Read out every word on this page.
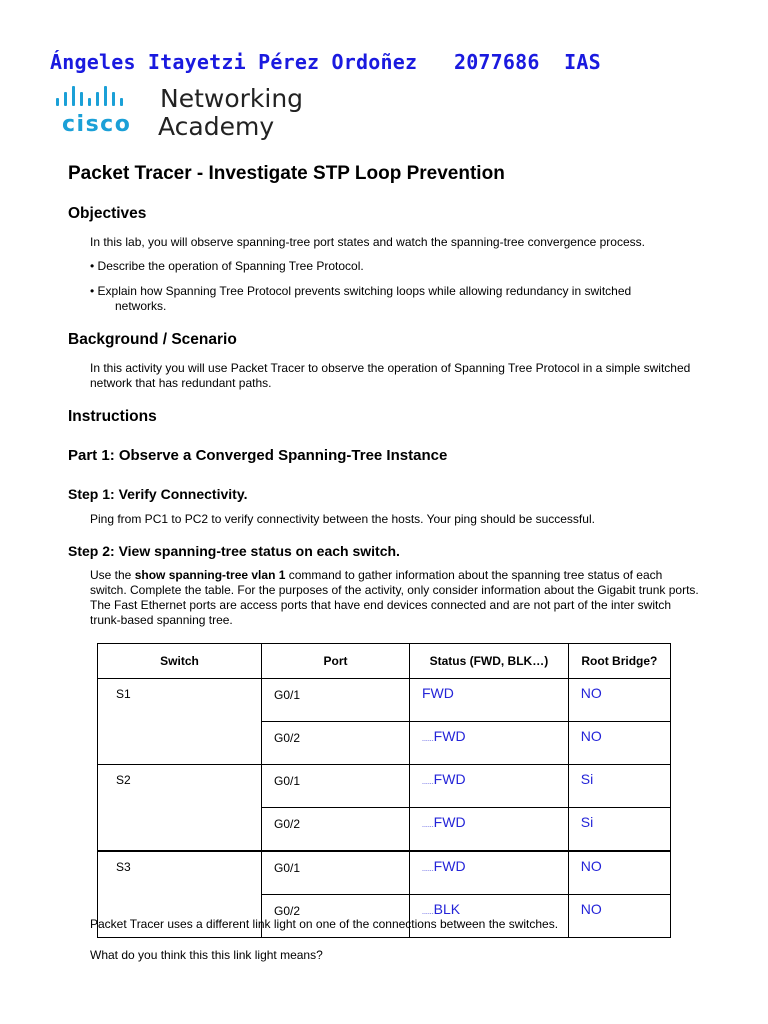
Ángeles Itayetzi Pérez Ordoñez   2077686  IAS
cisco
Networking
Academy
Packet Tracer - Investigate STP Loop Prevention
Objectives
In this lab, you will observe spanning-tree port states and watch the spanning-tree convergence process.
• Describe the operation of Spanning Tree Protocol.
• Explain how Spanning Tree Protocol prevents switching loops while allowing redundancy in switched
networks.
Background / Scenario
In this activity you will use Packet Tracer to observe the operation of Spanning Tree Protocol in a simple switched network that has redundant paths.
Instructions
Part 1: Observe a Converged Spanning-Tree Instance
Step 1: Verify Connectivity.
Ping from PC1 to PC2 to verify connectivity between the hosts. Your ping should be successful.
Step 2: View spanning-tree status on each switch.
Use the show spanning-tree vlan 1 command to gather information about the spanning tree status of each switch. Complete the table. For the purposes of the activity, only consider information about the Gigabit trunk ports. The Fast Ethernet ports are access ports that have end devices connected and are not part of the inter switch trunk-based spanning tree.
Switch	Port	Status (FWD, BLK…)	Root Bridge?
S1	G0/1	FWD	NO
	G0/2	......FWD	NO
S2	G0/1	......FWD	Si
	G0/2	......FWD	Si
S3	G0/1	......FWD	NO
	G0/2	......BLK	NO
Packet Tracer uses a different link light on one of the connections between the switches.
What do you think this this link light means?
